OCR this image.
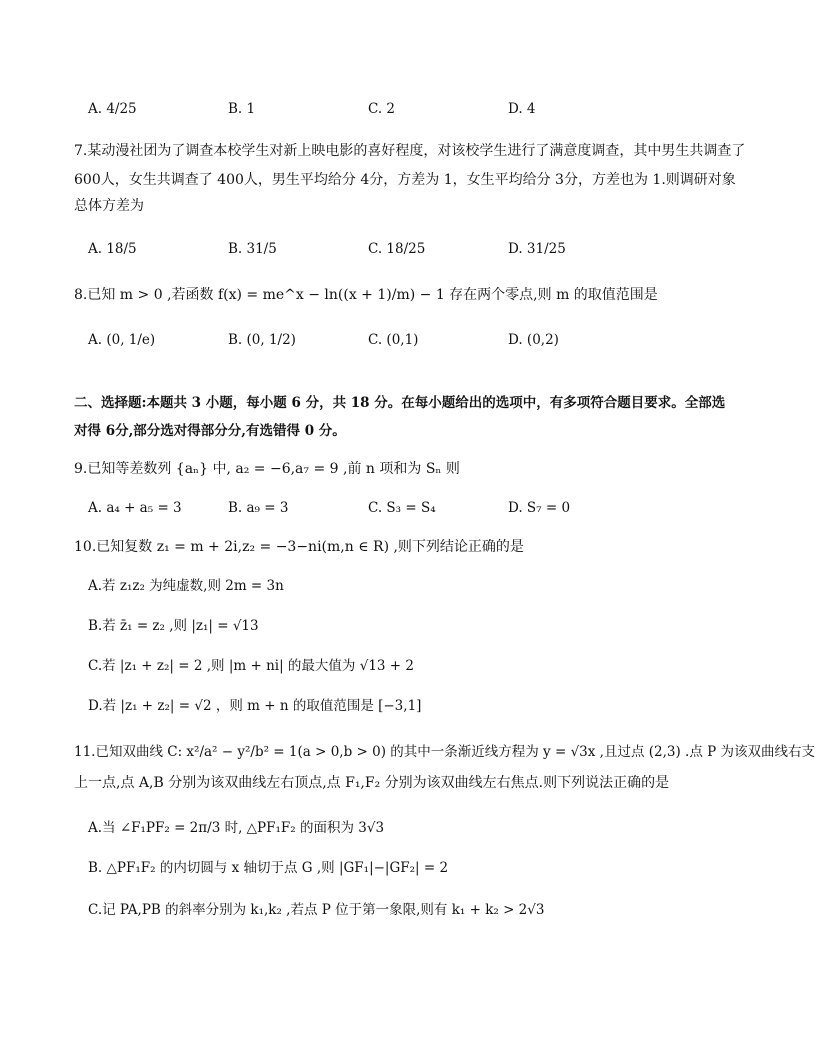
A. 4/25	B. 1	C. 2	D. 4
7.某动漫社团为了调查本校学生对新上映电影的喜好程度，对该校学生进行了满意度调查，其中男生共调查了
600人，女生共调查了 400人，男生平均给分 4分，方差为 1，女生平均给分 3分，方差也为 1.则调研对象
总体方差为
A. 18/5	B. 31/5	C. 18/25	D. 31/25
8.已知 m > 0 ,若函数 f(x) = me^x − ln((x + 1)/m) − 1 存在两个零点,则 m 的取值范围是
A. (0, 1/e)	B. (0, 1/2)	C. (0,1)	D. (0,2)
二、选择题:本题共 3 小题，每小题 6 分，共 18 分。在每小题给出的选项中，有多项符合题目要求。全部选
对得 6分,部分选对得部分分,有选错得 0 分。
9.已知等差数列 {aₙ} 中, a₂ = −6,a₇ = 9 ,前 n 项和为 Sₙ 则
A. a₄ + a₅ = 3	B. a₉ = 3	C. S₃ = S₄	D. S₇ = 0
10.已知复数 z₁ = m + 2i,z₂ = −3−ni(m,n ∈ R) ,则下列结论正确的是
A.若 z₁z₂ 为纯虚数,则 2m = 3n
B.若 z̄₁ = z₂ ,则 |z₁| = √13
C.若 |z₁ + z₂| = 2 ,则 |m + ni| 的最大值为 √13 + 2
D.若 |z₁ + z₂| = √2 ，则 m + n 的取值范围是 [−3,1]
11.已知双曲线 C: x²/a² − y²/b² = 1(a > 0,b > 0) 的其中一条渐近线方程为 y = √3x ,且过点 (2,3) .点 P 为该双曲线右支
上一点,点 A,B 分别为该双曲线左右顶点,点 F₁,F₂ 分别为该双曲线左右焦点.则下列说法正确的是
A.当 ∠F₁PF₂ = 2π/3 时, △PF₁F₂ 的面积为 3√3
B. △PF₁F₂ 的内切圆与 x 轴切于点 G ,则 |GF₁|−|GF₂| = 2
C.记 PA,PB 的斜率分别为 k₁,k₂ ,若点 P 位于第一象限,则有 k₁ + k₂ > 2√3
